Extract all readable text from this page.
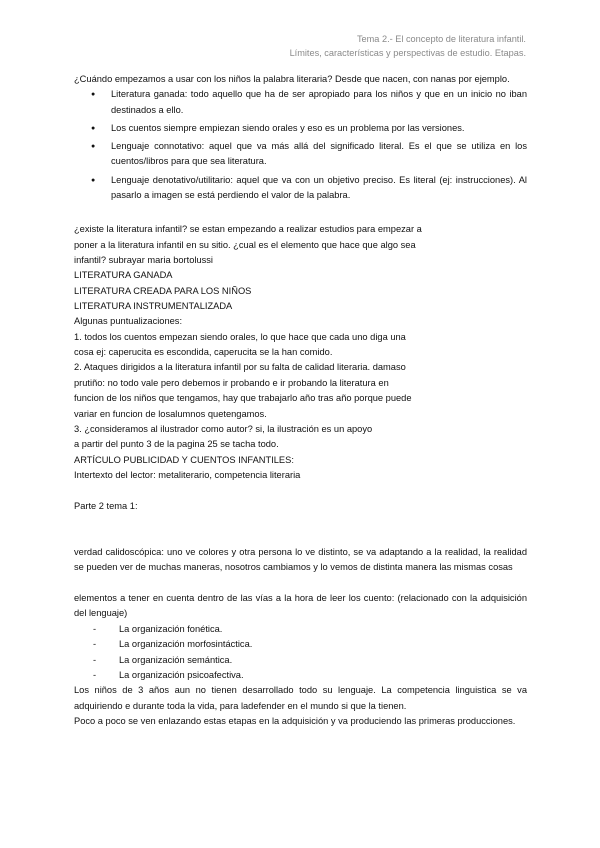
Tema 2.- El concepto de literatura infantil.
Límites, características y perspectivas de estudio. Etapas.

¿Cuándo empezamos a usar con los niños la palabra literaria? Desde que nacen, con nanas por ejemplo.

● Literatura ganada: todo aquello que ha de ser apropiado para los niños y que en un inicio no iban destinados a ello.
● Los cuentos siempre empiezan siendo orales y eso es un problema por las versiones.
● Lenguaje connotativo: aquel que va más allá del significado literal. Es el que se utiliza en los cuentos/libros para que sea literatura.
● Lenguaje denotativo/utilitario: aquel que va con un objetivo preciso. Es literal (ej: instrucciones). Al pasarlo a imagen se está perdiendo el valor de la palabra.

¿existe la literatura infantil? se estan empezando a realizar estudios para empezar a

poner a la literatura infantil en su sitio. ¿cual es el elemento que hace que algo sea

infantil? subrayar maria bortolussi

LITERATURA GANADA

LITERATURA CREADA PARA LOS NIÑOS

LITERATURA INSTRUMENTALIZADA

Algunas puntualizaciones:

1. todos los cuentos empezan siendo orales, lo que hace que cada uno diga una

cosa ej: caperucita es escondida, caperucita se la han comido.

2. Ataques dirigidos a la literatura infantil por su falta de calidad literaria. damaso

prutiño: no todo vale pero debemos ir probando e ir probando la literatura en

funcion de los niños que tengamos, hay que trabajarlo año tras año porque puede

variar en funcion de losalumnos quetengamos.

3. ¿consideramos al ilustrador como autor? si, la ilustración es un apoyo

a partir del punto 3 de la pagina 25 se tacha todo.

ARTÍCULO PUBLICIDAD Y CUENTOS INFANTILES:

Intertexto del lector: metaliterario, competencia literaria

Parte 2 tema 1:

verdad calidoscópica: uno ve colores y otra persona lo ve distinto, se va adaptando a la realidad, la realidad se pueden ver de muchas maneras, nosotros cambiamos y lo vemos de distinta manera las mismas cosas

elementos a tener en cuenta dentro de las vías a la hora de leer los cuento: (relacionado con la adquisición del lenguaje)

- La organización fonética.
- La organización morfosintáctica.
- La organización semántica.
- La organización psicoafectiva.

Los niños de 3 años aun no tienen desarrollado todo su lenguaje. La competencia linguistica se va adquiriendo e durante toda la vida, para ladefender en el mundo si que la tienen.

Poco a poco se ven enlazando estas etapas en la adquisición y va produciendo las primeras producciones.
